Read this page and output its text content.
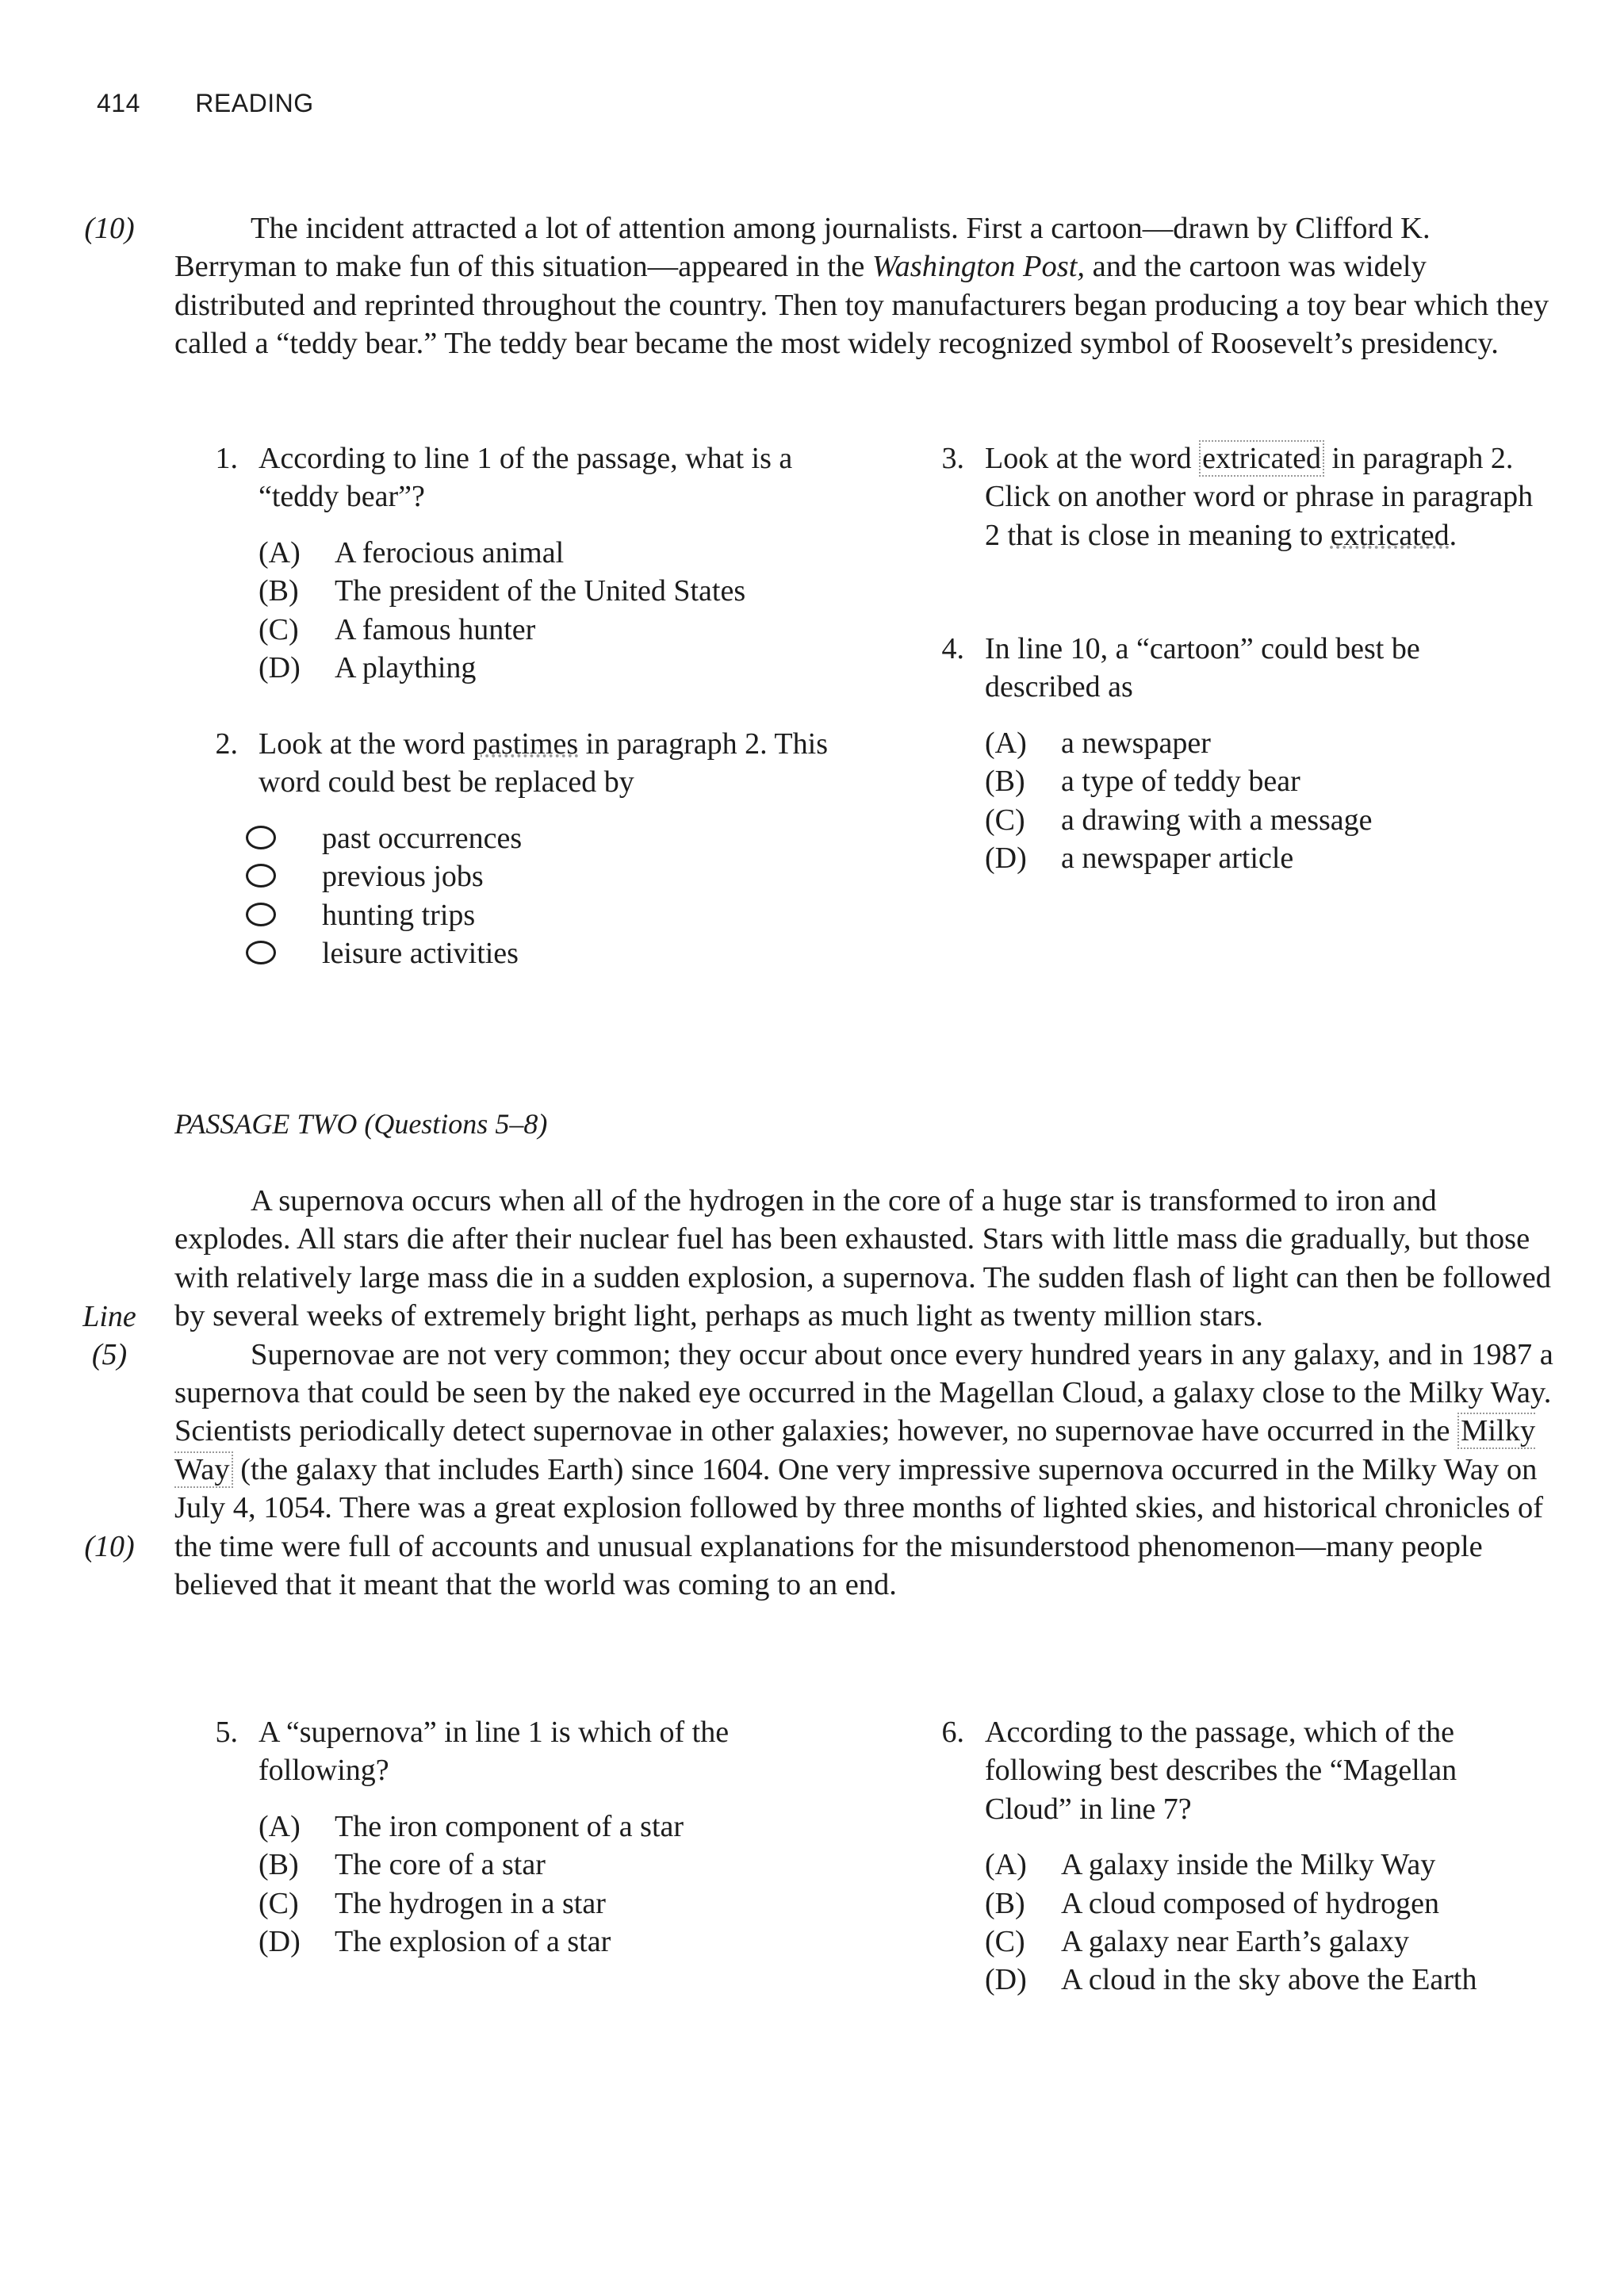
414 READING
(10)	The incident attracted a lot of attention among journalists. First a cartoon—drawn by Clifford K. Berryman to make fun of this situation—appeared in the Washington Post, and the cartoon was widely distributed and reprinted throughout the country. Then toy manufacturers began producing a toy bear which they called a “teddy bear.” The teddy bear became the most widely recognized symbol of Roosevelt’s presidency.

1. According to line 1 of the passage, what is a “teddy bear”?
(A)	A ferocious animal
(B)	The president of the United States
(C)	A famous hunter
(D)	A plaything
2. Look at the word pastimes in paragraph 2. This word could best be replaced by
past occurrences
previous jobs
hunting trips
leisure activities
3. Look at the word extricated in paragraph 2. Click on another word or phrase in paragraph 2 that is close in meaning to extricated.
4. In line 10, a “cartoon” could best be described as
(A)	a newspaper
(B)	a type of teddy bear
(C)	a drawing with a message
(D)	a newspaper article
PASSAGE TWO (Questions 5–8)
Line
(5)
(10)

A supernova occurs when all of the hydrogen in the core of a huge star is transformed to iron and explodes. All stars die after their nuclear fuel has been exhausted. Stars with little mass die gradually, but those with relatively large mass die in a sudden explosion, a supernova. The sudden flash of light can then be followed by several weeks of extremely bright light, perhaps as much light as twenty million stars.

Supernovae are not very common; they occur about once every hundred years in any galaxy, and in 1987 a supernova that could be seen by the naked eye occurred in the Magellan Cloud, a galaxy close to the Milky Way. Scientists periodically detect supernovae in other galaxies; however, no supernovae have occurred in the Milky Way (the galaxy that includes Earth) since 1604. One very impressive supernova occurred in the Milky Way on July 4, 1054. There was a great explosion followed by three months of lighted skies, and historical chronicles of the time were full of accounts and unusual explanations for the misunderstood phenomenon—many people believed that it meant that the world was coming to an end.

5. A “supernova” in line 1 is which of the following?
(A)	The iron component of a star
(B)	The core of a star
(C)	The hydrogen in a star
(D)	The explosion of a star
6. According to the passage, which of the following best describes the “Magellan Cloud” in line 7?
(A)	A galaxy inside the Milky Way
(B)	A cloud composed of hydrogen
(C)	A galaxy near Earth’s galaxy
(D)	A cloud in the sky above the Earth
